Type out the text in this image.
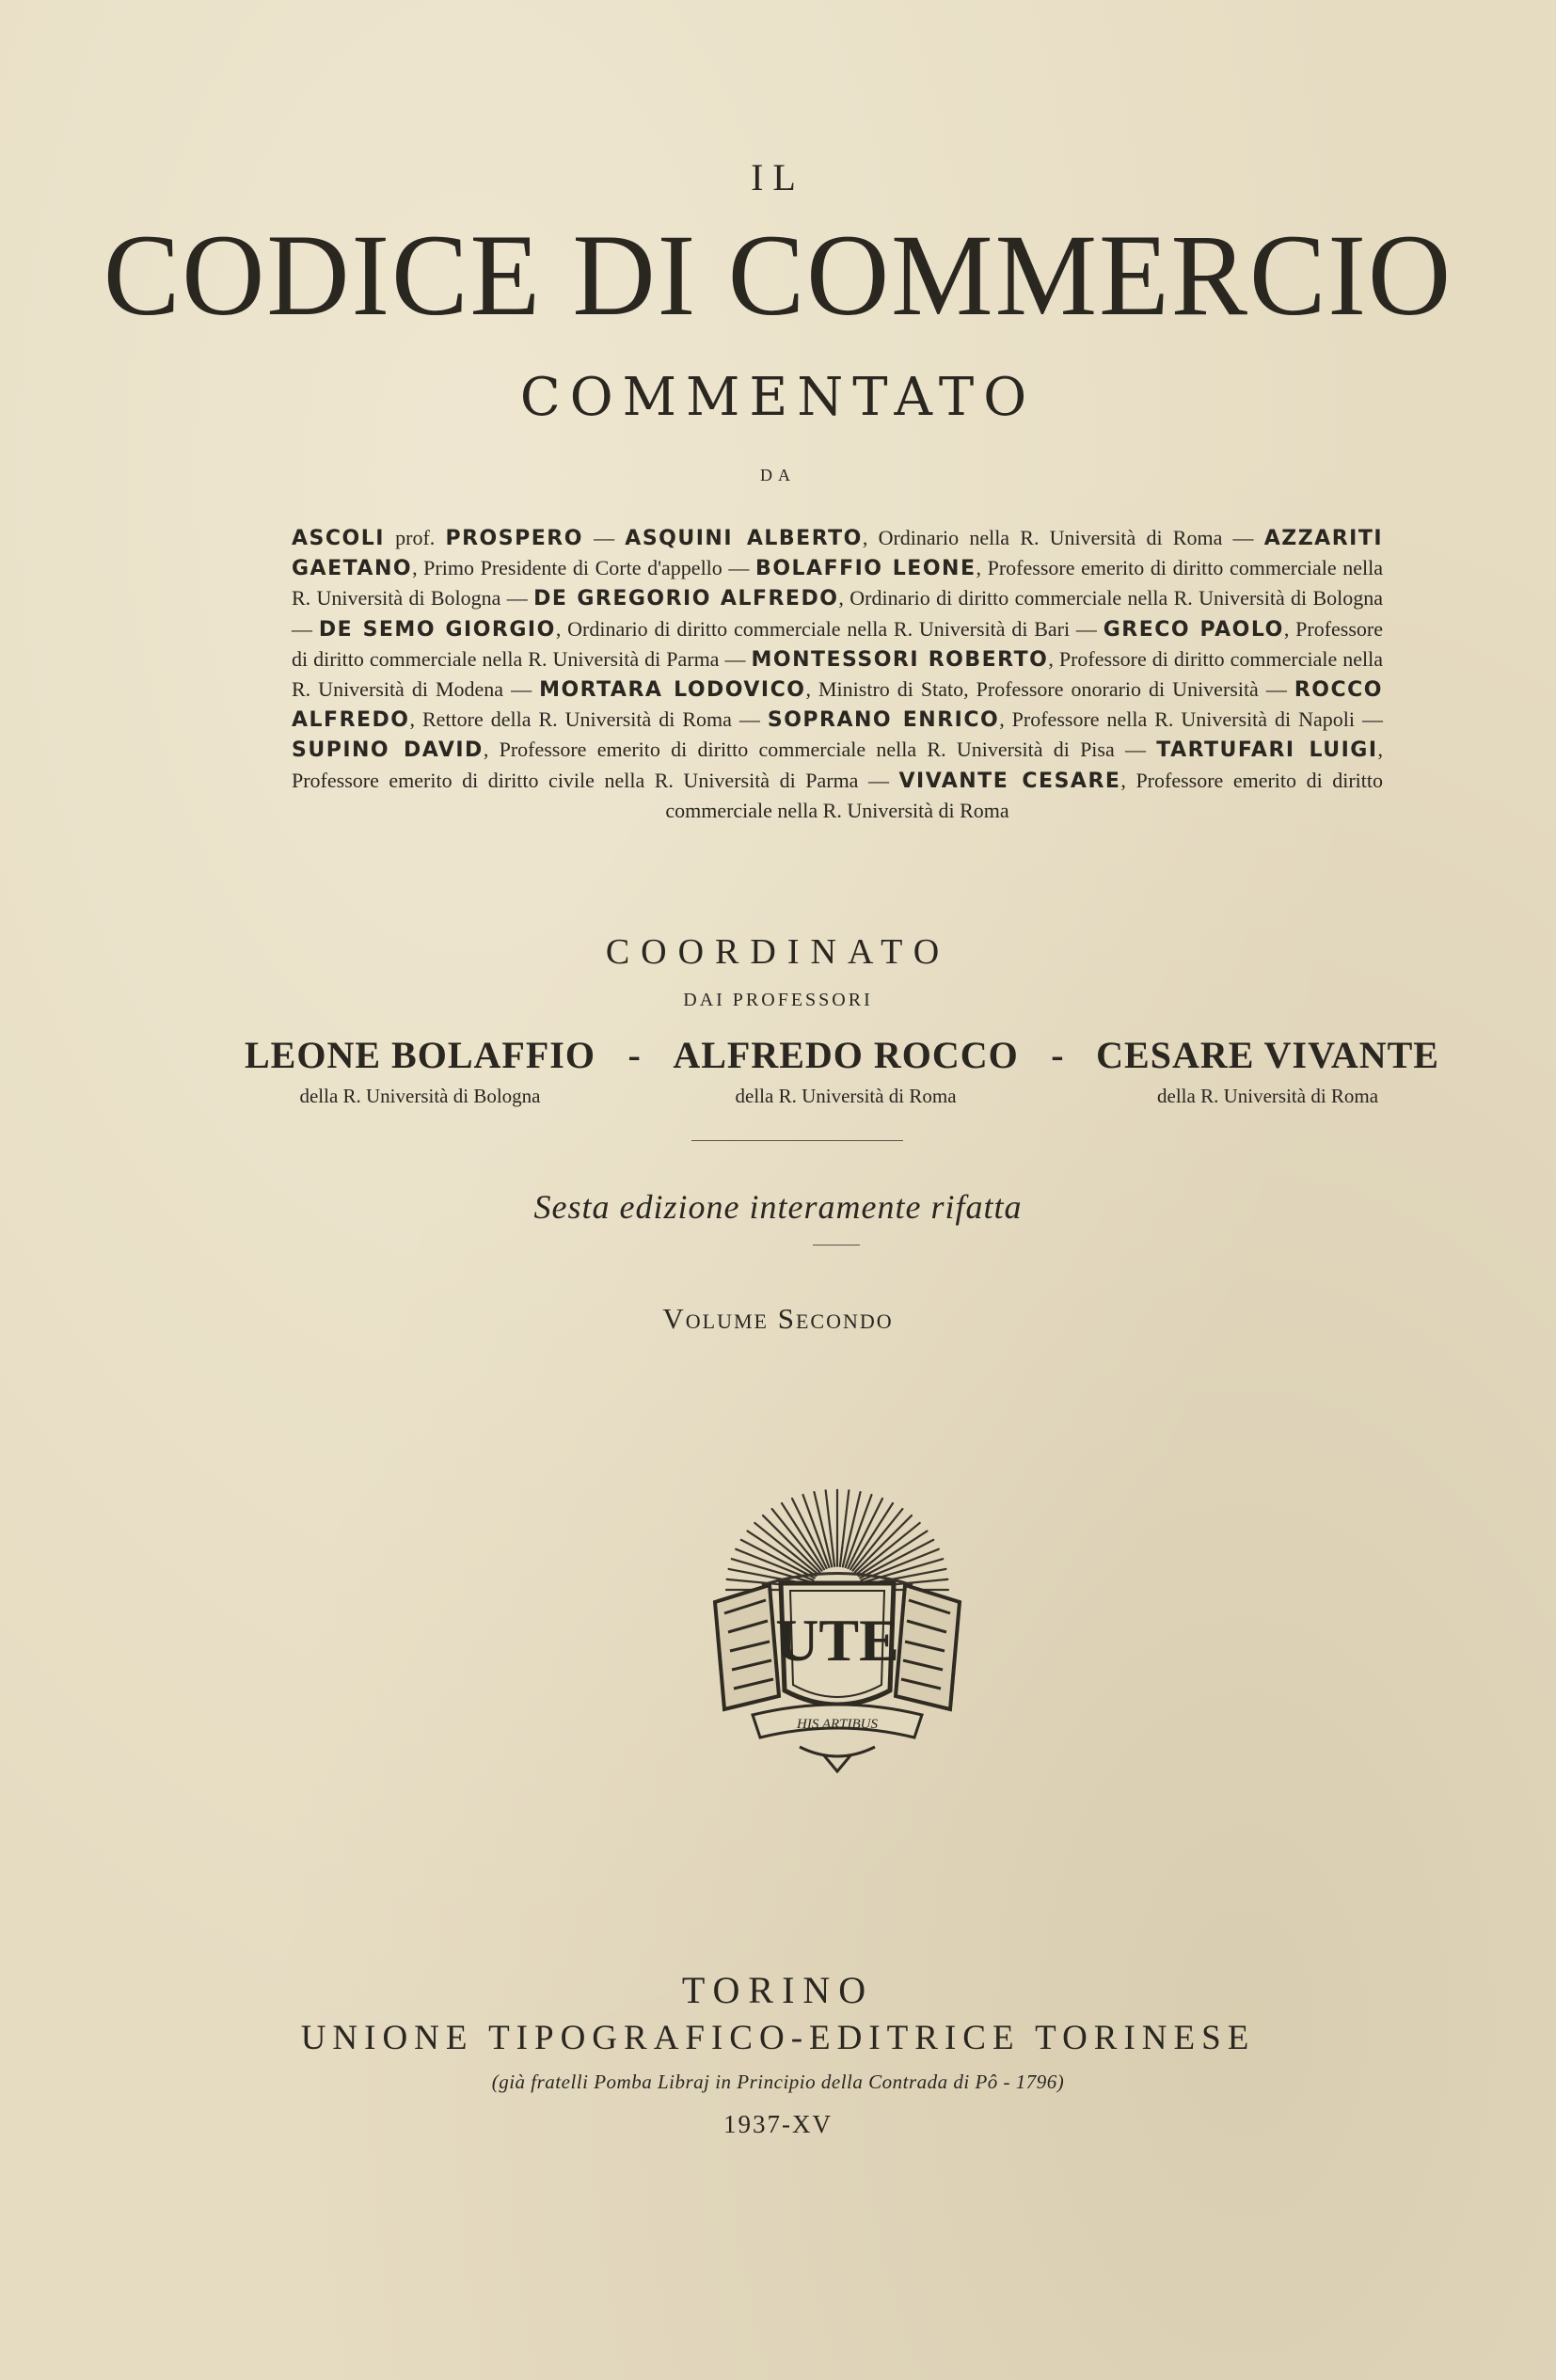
IL
CODICE DI COMMERCIO
COMMENTATO
DA
ASCOLI prof. PROSPERO — ASQUINI ALBERTO, Ordinario nella R. Università di Roma — AZZARITI GAETANO, Primo Presidente di Corte d'appello — BOLAFFIO LEONE, Professore emerito di diritto commerciale nella R. Università di Bologna — DE GREGORIO ALFREDO, Ordinario di diritto commerciale nella R. Università di Bologna — DE SEMO GIORGIO, Ordinario di diritto commerciale nella R. Università di Bari — GRECO PAOLO, Professore di diritto commerciale nella R. Università di Parma — MONTESSORI ROBERTO, Professore di diritto commerciale nella R. Università di Modena — MORTARA LODOVICO, Ministro di Stato, Professore onorario di Università — ROCCO ALFREDO, Rettore della R. Università di Roma — SOPRANO ENRICO, Professore nella R. Università di Napoli — SUPINO DAVID, Professore emerito di diritto commerciale nella R. Università di Pisa — TARTUFARI LUIGI, Professore emerito di diritto civile nella R. Università di Parma — VIVANTE CESARE, Professore emerito di diritto commerciale nella R. Università di Roma
COORDINATO
DAI PROFESSORI
LEONE BOLAFFIO
della R. Università di Bologna
- ALFREDO ROCCO
della R. Università di Roma
- CESARE VIVANTE
della R. Università di Roma
Sesta edizione interamente rifatta
Volume Secondo
UTE
HIS ARTIBUS
TORINO
UNIONE TIPOGRAFICO-EDITRICE TORINESE
(già fratelli Pomba Libraj in Principio della Contrada di Pô - 1796)
1937-XV
